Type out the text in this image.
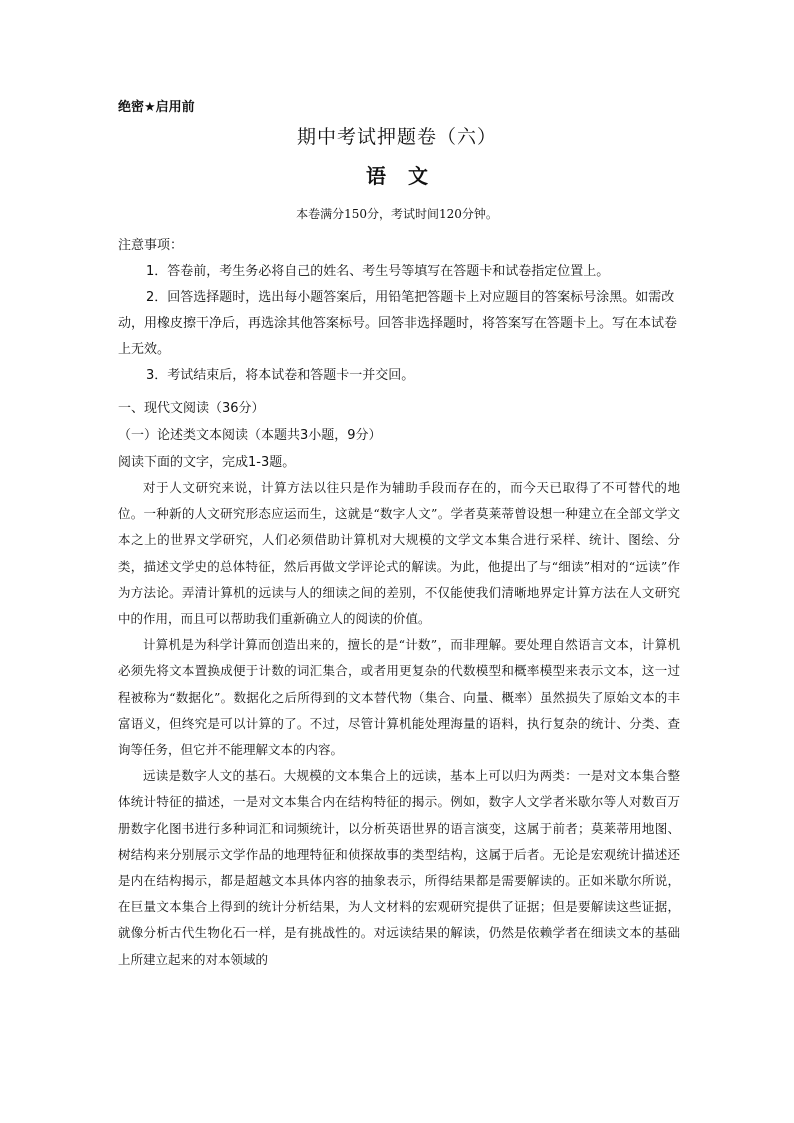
绝密★启用前
期中考试押题卷（六）
语文
本卷满分150分，考试时间120分钟。
注意事项：

1．答卷前，考生务必将自己的姓名、考生号等填写在答题卡和试卷指定位置上。

2．回答选择题时，选出每小题答案后，用铅笔把答题卡上对应题目的答案标号涂黑。如需改动，用橡皮擦干净后，再选涂其他答案标号。回答非选择题时，将答案写在答题卡上。写在本试卷上无效。

3．考试结束后，将本试卷和答题卡一并交回。

一、现代文阅读（36分）
（一）论述类文本阅读（本题共3小题，9分）
阅读下面的文字，完成1-3题。

对于人文研究来说，计算方法以往只是作为辅助手段而存在的，而今天已取得了不可替代的地位。一种新的人文研究形态应运而生，这就是“数字人文”。学者莫莱蒂曾设想一种建立在全部文学文本之上的世界文学研究，人们必须借助计算机对大规模的文学文本集合进行采样、统计、图绘、分类，描述文学史的总体特征，然后再做文学评论式的解读。为此，他提出了与“细读”相对的“远读”作为方法论。弄清计算机的远读与人的细读之间的差别，不仅能使我们清晰地界定计算方法在人文研究中的作用，而且可以帮助我们重新确立人的阅读的价值。

计算机是为科学计算而创造出来的，擅长的是“计数”，而非理解。要处理自然语言文本，计算机必须先将文本置换成便于计数的词汇集合，或者用更复杂的代数模型和概率模型来表示文本，这一过程被称为“数据化”。数据化之后所得到的文本替代物（集合、向量、概率）虽然损失了原始文本的丰富语义，但终究是可以计算的了。不过，尽管计算机能处理海量的语料，执行复杂的统计、分类、查询等任务，但它并不能理解文本的内容。

远读是数字人文的基石。大规模的文本集合上的远读，基本上可以归为两类：一是对文本集合整体统计特征的描述，一是对文本集合内在结构特征的揭示。例如，数字人文学者米歇尔等人对数百万册数字化图书进行多种词汇和词频统计，以分析英语世界的语言演变，这属于前者；莫莱蒂用地图、树结构来分别展示文学作品的地理特征和侦探故事的类型结构，这属于后者。无论是宏观统计描述还是内在结构揭示，都是超越文本具体内容的抽象表示，所得结果都是需要解读的。正如米歇尔所说，在巨量文本集合上得到的统计分析结果，为人文材料的宏观研究提供了证据；但是要解读这些证据，就像分析古代生物化石一样，是有挑战性的。对远读结果的解读，仍然是依赖学者在细读文本的基础上所建立起来的对本领域的
